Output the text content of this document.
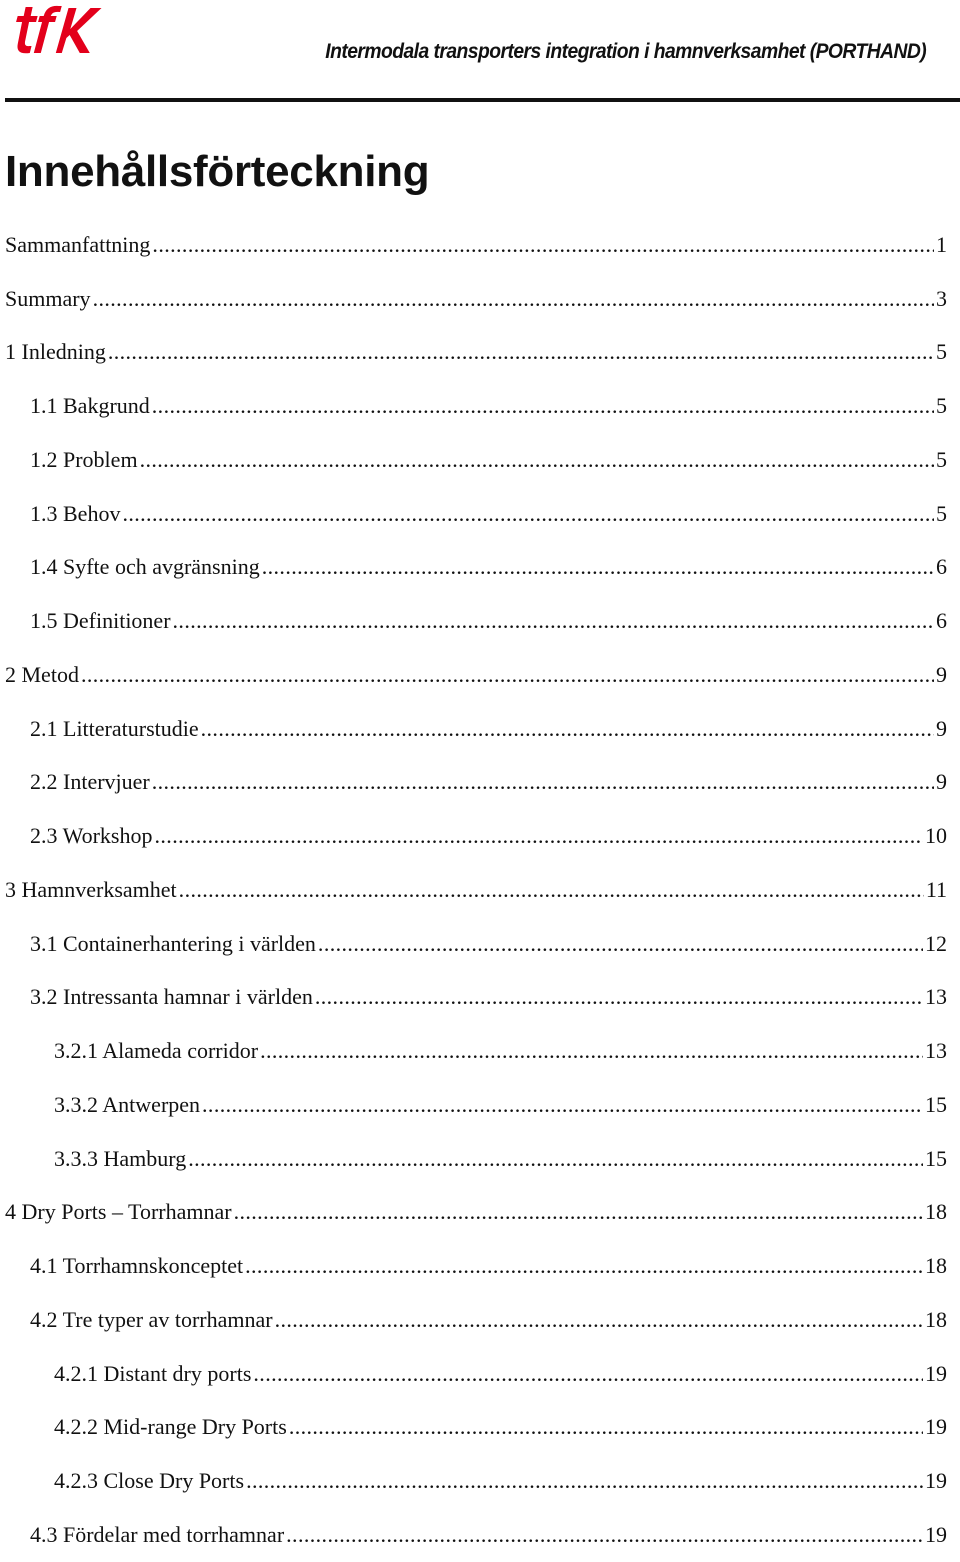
Intermodala transporters integration i hamnverksamhet (PORTHAND)
Innehållsförteckning
Sammanfattning .....	1
Summary .....	3
1 Inledning .....	5
1.1 Bakgrund .....	5
1.2 Problem .....	5
1.3 Behov .....	5
1.4 Syfte och avgränsning .....	6
1.5 Definitioner .....	6
2 Metod .....	9
2.1 Litteraturstudie .....	9
2.2 Intervjuer .....	9
2.3 Workshop .....	10
3 Hamnverksamhet .....	11
3.1 Containerhantering i världen .....	12
3.2 Intressanta hamnar i världen .....	13
3.2.1 Alameda corridor .....	13
3.3.2 Antwerpen .....	15
3.3.3 Hamburg .....	15
4 Dry Ports – Torrhamnar .....	18
4.1 Torrhamnskonceptet .....	18
4.2 Tre typer av torrhamnar .....	18
4.2.1 Distant dry ports .....	19
4.2.2 Mid-range Dry Ports .....	19
4.2.3 Close Dry Ports .....	19
4.3 Fördelar med torrhamnar .....	19
